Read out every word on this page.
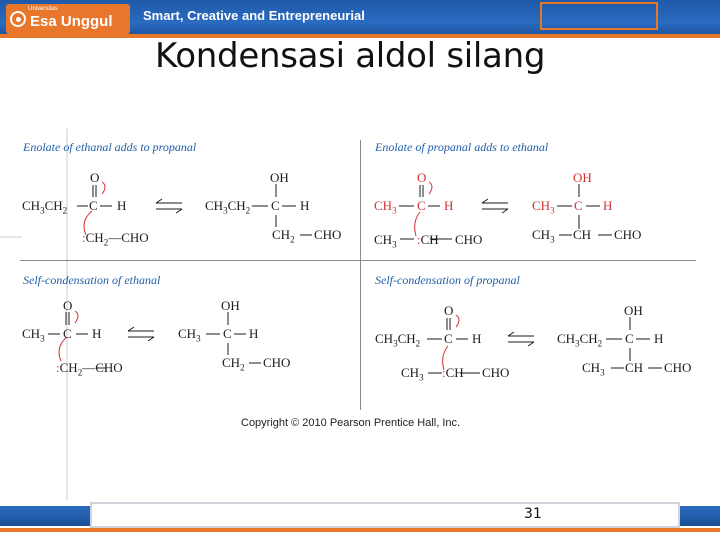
Universitas
Esa Unggul Smart, Creative and Entrepreneurial
Kondensasi aldol silang
Enolate of ethanal adds to propanal	Enolate of propanal adds to ethanal
Self-condensation of ethanal	Self-condensation of propanal
$CH_3CH_2$ C H
O
$:CH_2—CHO$
$CH_3CH_2$ C H
OH
$CH_2$ CHO
$CH_3$ C H
O
$CH_3$ :CH CHO
$CH_3$ C H
OH
$CH_3$ CH CHO
$CH_3$ C H
O
$:CH_2—CHO$
$CH_3$ C H
OH
$CH_2$ CHO
$CH_3CH_2$ C H
O
$CH_3$ :CH CHO
$CH_3CH_2$ C H
OH
$CH_3$ CH CHO
Copyright © 2010 Pearson Prentice Hall, Inc.
31
